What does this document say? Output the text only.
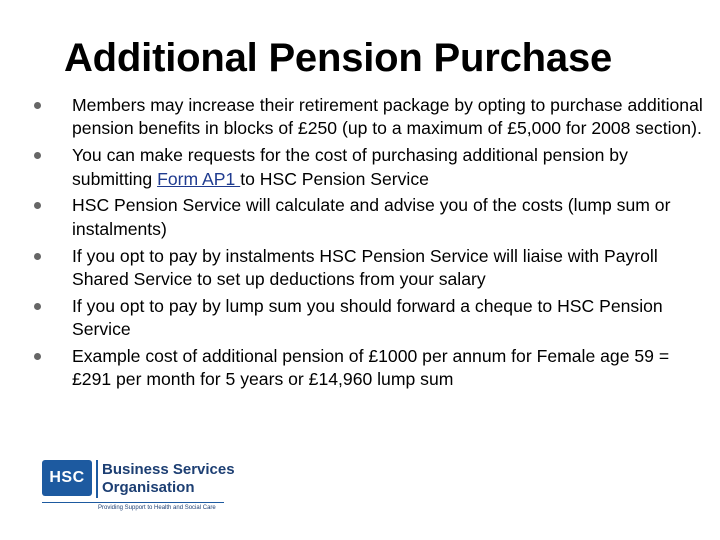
Additional Pension Purchase
Members may increase their retirement package by opting to purchase additional pension benefits in blocks of £250 (up to a maximum of £5,000 for 2008 section).
You can make requests for the cost of purchasing additional pension by submitting Form AP1 to HSC Pension Service
HSC Pension Service will calculate and advise you of the costs (lump sum or instalments)
If you opt to pay by instalments HSC Pension Service will liaise with Payroll Shared Service to set up deductions from your salary
If you opt to pay by lump sum you should forward a cheque to HSC Pension Service
Example cost of additional pension of £1000 per annum for Female age 59 = £291 per month for 5 years or £14,960 lump sum
HSC	Business Services
Organisation
Providing Support to Health and Social Care
